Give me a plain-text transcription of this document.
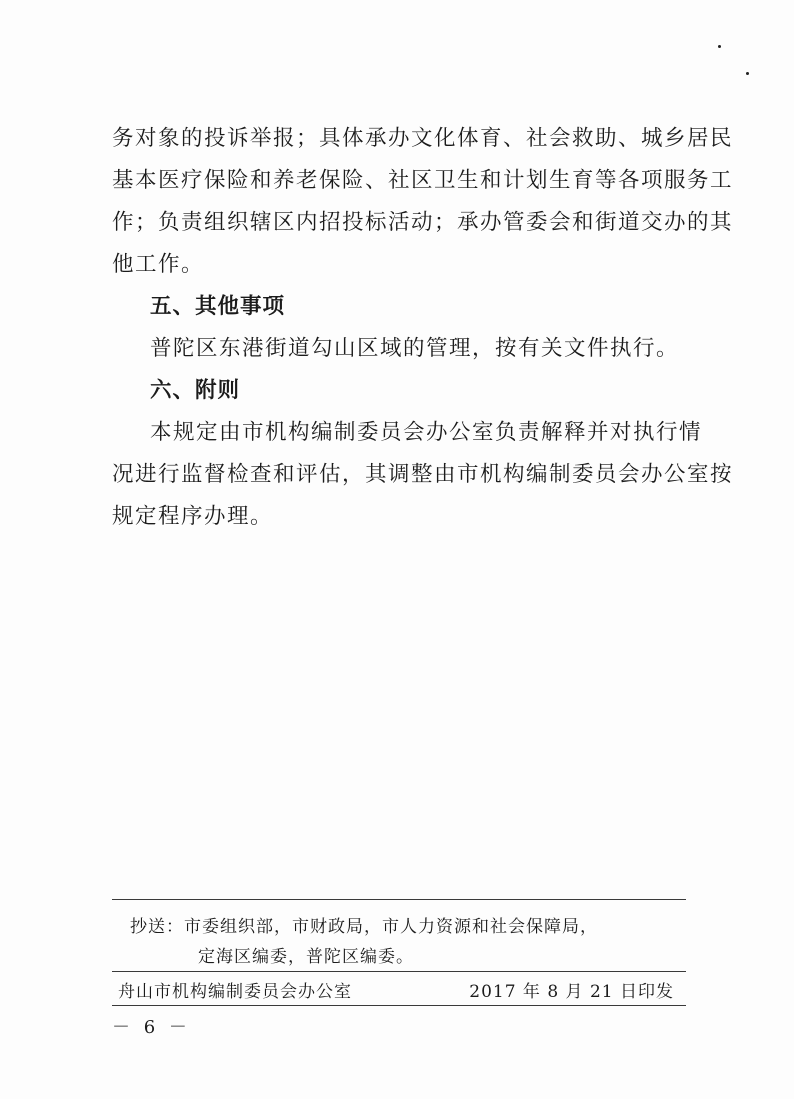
务对象的投诉举报；具体承办文化体育、社会救助、城乡居民
基本医疗保险和养老保险、社区卫生和计划生育等各项服务工
作；负责组织辖区内招投标活动；承办管委会和街道交办的其
他工作。
五、其他事项
普陀区东港街道勾山区域的管理，按有关文件执行。
六、附则
本规定由市机构编制委员会办公室负责解释并对执行情
况进行监督检查和评估，其调整由市机构编制委员会办公室按
规定程序办理。
抄送：市委组织部，市财政局，市人力资源和社会保障局，
定海区编委，普陀区编委。
舟山市机构编制委员会办公室	2017 年 8 月 21 日印发
－ 6 －
